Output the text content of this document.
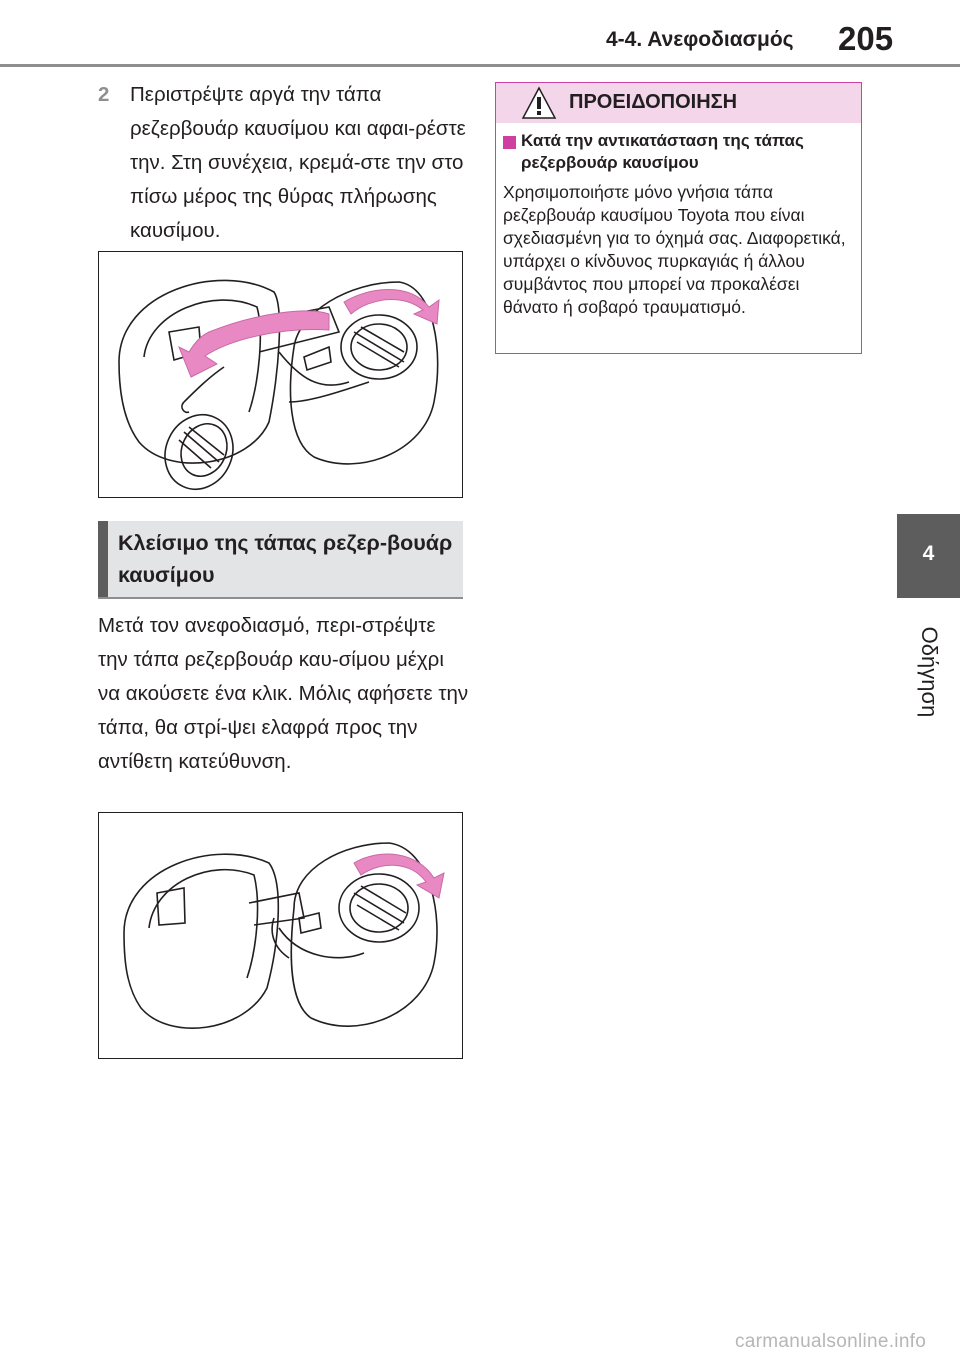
4-4. Ανεφοδιασμός 205
4
Οδήγηση
2 Περιστρέψτε αργά την τάπα ρεζερβουάρ καυσίμου και αφαι-ρέστε την. Στη συνέχεια, κρεμά-στε την στο πίσω μέρος της θύρας πλήρωσης καυσίμου.
Κλείσιμο της τάπας ρεζερ-βουάρ καυσίμου
Μετά τον ανεφοδιασμό, περι-στρέψτε την τάπα ρεζερβουάρ καυ-σίμου μέχρι να ακούσετε ένα κλικ. Μόλις αφήσετε την τάπα, θα στρί-ψει ελαφρά προς την αντίθετη κατεύθυνση.
ΠΡΟΕΙΔΟΠΟΙΗΣΗ
Κατά την αντικατάσταση της τάπας ρεζερβουάρ καυσίμου
Χρησιμοποιήστε μόνο γνήσια τάπα ρεζερβουάρ καυσίμου Toyota που είναι σχεδιασμένη για το όχημά σας. Διαφορετικά, υπάρχει ο κίνδυνος πυρκαγιάς ή άλλου συμβάντος που μπορεί να προκαλέσει θάνατο ή σοβαρό τραυματισμό.
carmanualsonline.info
